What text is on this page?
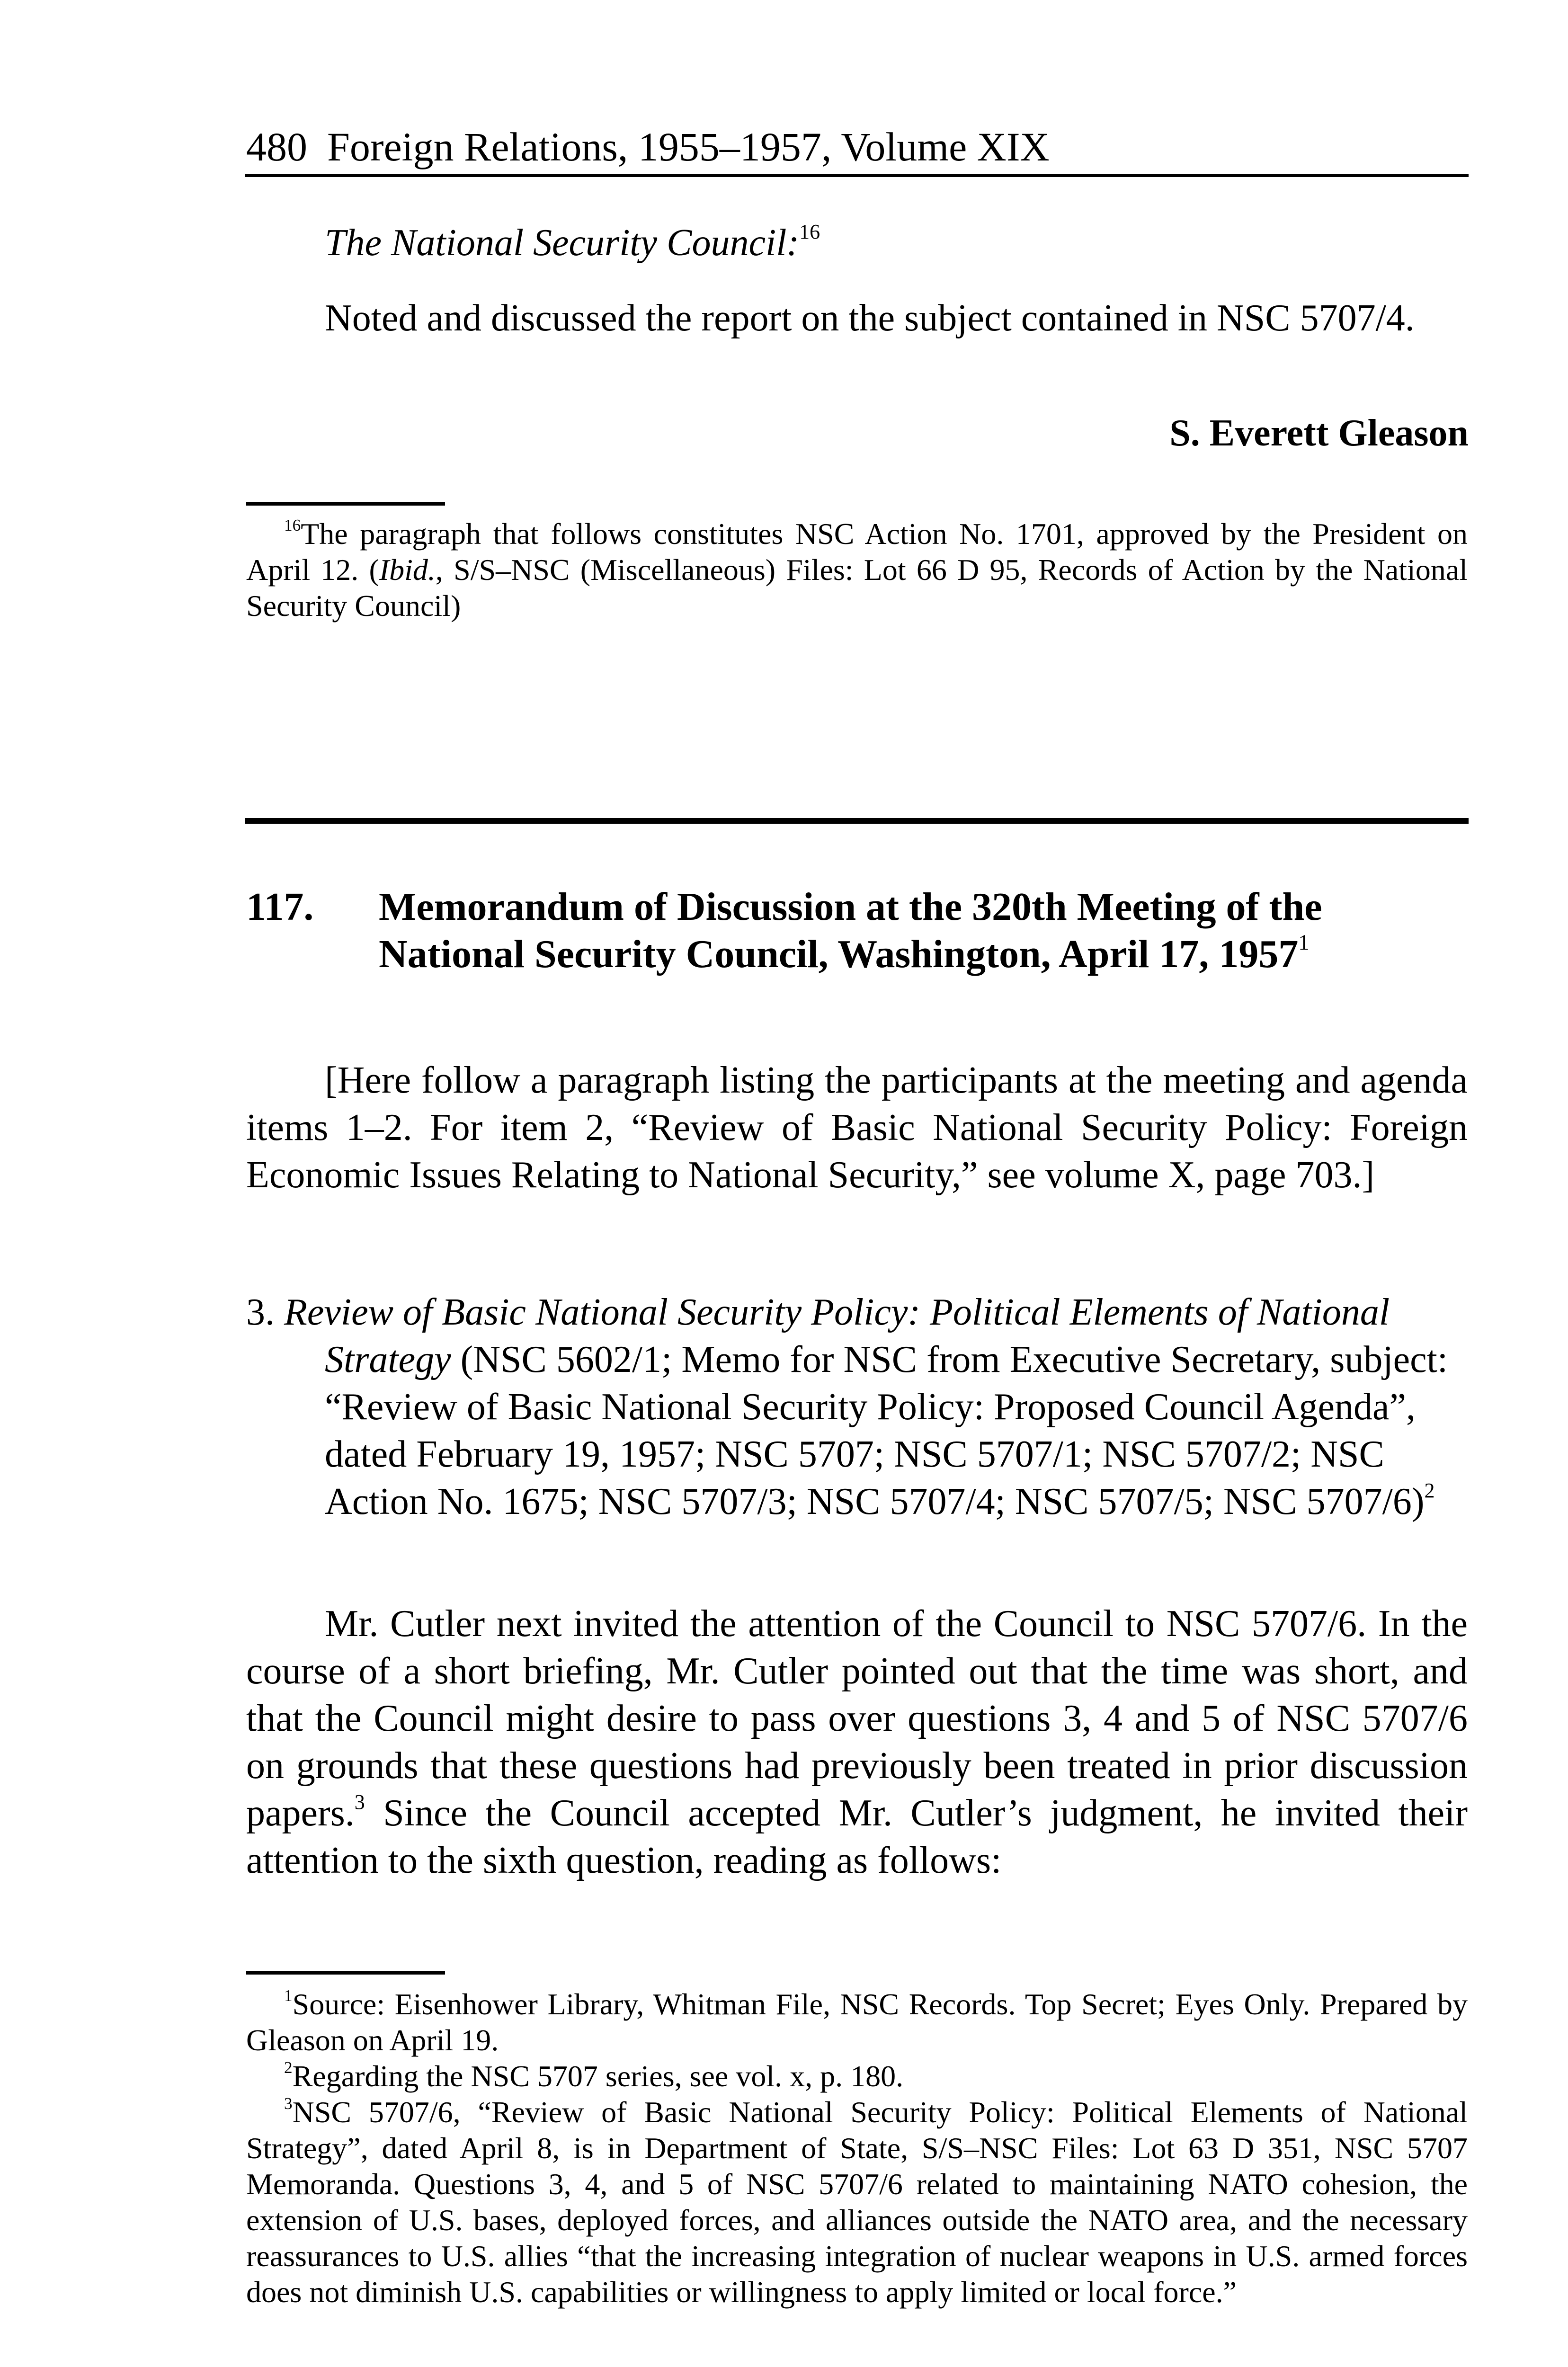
480 Foreign Relations, 1955–1957, Volume XIX
The National Security Council:$^{16}$
Noted and discussed the report on the subject contained in NSC 5707/4.
S. Everett Gleason
$^{16}$The paragraph that follows constitutes NSC Action No. 1701, approved by the President on April 12. (Ibid., S/S–NSC (Miscellaneous) Files: Lot 66 D 95, Records of Action by the National Security Council)
117. Memorandum of Discussion at the 320th Meeting of the National Security Council, Washington, April 17, 1957$^1$
[Here follow a paragraph listing the participants at the meeting and agenda items 1–2. For item 2, “Review of Basic National Security Policy: Foreign Economic Issues Relating to National Security,” see volume X, page 703.]
3. Review of Basic National Security Policy: Political Elements of National Strategy (NSC 5602/1; Memo for NSC from Executive Secretary, subject: “Review of Basic National Security Policy: Proposed Council Agenda”, dated February 19, 1957; NSC 5707; NSC 5707/1; NSC 5707/2; NSC Action No. 1675; NSC 5707/3; NSC 5707/4; NSC 5707/5; NSC 5707/6)$^2$
Mr. Cutler next invited the attention of the Council to NSC 5707/6. In the course of a short briefing, Mr. Cutler pointed out that the time was short, and that the Council might desire to pass over questions 3, 4 and 5 of NSC 5707/6 on grounds that these questions had previously been treated in prior discussion papers.$^3$ Since the Council accepted Mr. Cutler’s judgment, he invited their attention to the sixth question, reading as follows:
$^1$Source: Eisenhower Library, Whitman File, NSC Records. Top Secret; Eyes Only. Prepared by Gleason on April 19.
$^2$Regarding the NSC 5707 series, see vol. x, p. 180.
$^3$NSC 5707/6, “Review of Basic National Security Policy: Political Elements of National Strategy”, dated April 8, is in Department of State, S/S–NSC Files: Lot 63 D 351, NSC 5707 Memoranda. Questions 3, 4, and 5 of NSC 5707/6 related to maintaining NATO cohesion, the extension of U.S. bases, deployed forces, and alliances outside the NATO area, and the necessary reassurances to U.S. allies “that the increasing integration of nuclear weapons in U.S. armed forces does not diminish U.S. capabilities or willingness to apply limited or local force.”
